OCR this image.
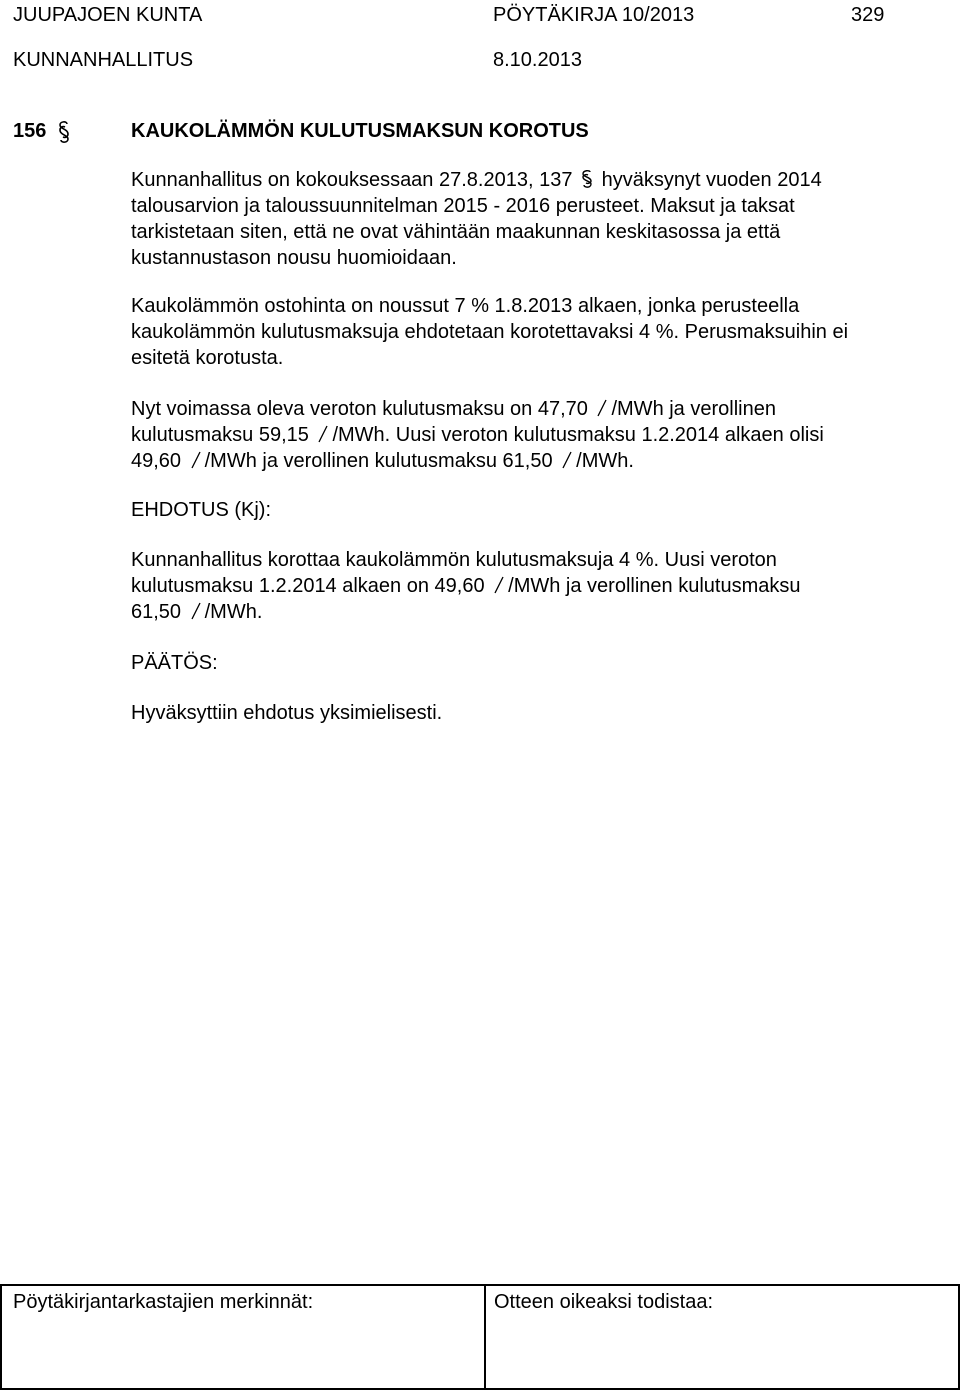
JUUPAJOEN KUNTA	PÖYTÄKIRJA 10/2013	329
KUNNANHALLITUS	8.10.2013
156	KAUKOLÄMMÖN KULUTUSMAKSUN KOROTUS
Kunnanhallitus on kokouksessaan 27.8.2013, 137 hyväksynyt vuoden 2014
talousarvion ja taloussuunnitelman 2015 - 2016 perusteet. Maksut ja taksat
tarkistetaan siten, että ne ovat vähintään maakunnan keskitasossa ja että
kustannustason nousu huomioidaan.
Kaukolämmön ostohinta on noussut 7 % 1.8.2013 alkaen, jonka perusteella
kaukolämmön kulutusmaksuja ehdotetaan korotettavaksi 4 %. Perusmaksuihin ei
esitetä korotusta.
Nyt voimassa oleva veroton kulutusmaksu on 47,70 /MWh ja verollinen
kulutusmaksu 59,15 /MWh. Uusi veroton kulutusmaksu 1.2.2014 alkaen olisi
49,60 /MWh ja verollinen kulutusmaksu 61,50 /MWh.
EHDOTUS (Kj):
Kunnanhallitus korottaa kaukolämmön kulutusmaksuja 4 %. Uusi veroton
kulutusmaksu 1.2.2014 alkaen on 49,60 /MWh ja verollinen kulutusmaksu
61,50 /MWh.
PÄÄTÖS:
Hyväksyttiin ehdotus yksimielisesti.
Pöytäkirjantarkastajien merkinnät:	Otteen oikeaksi todistaa:
